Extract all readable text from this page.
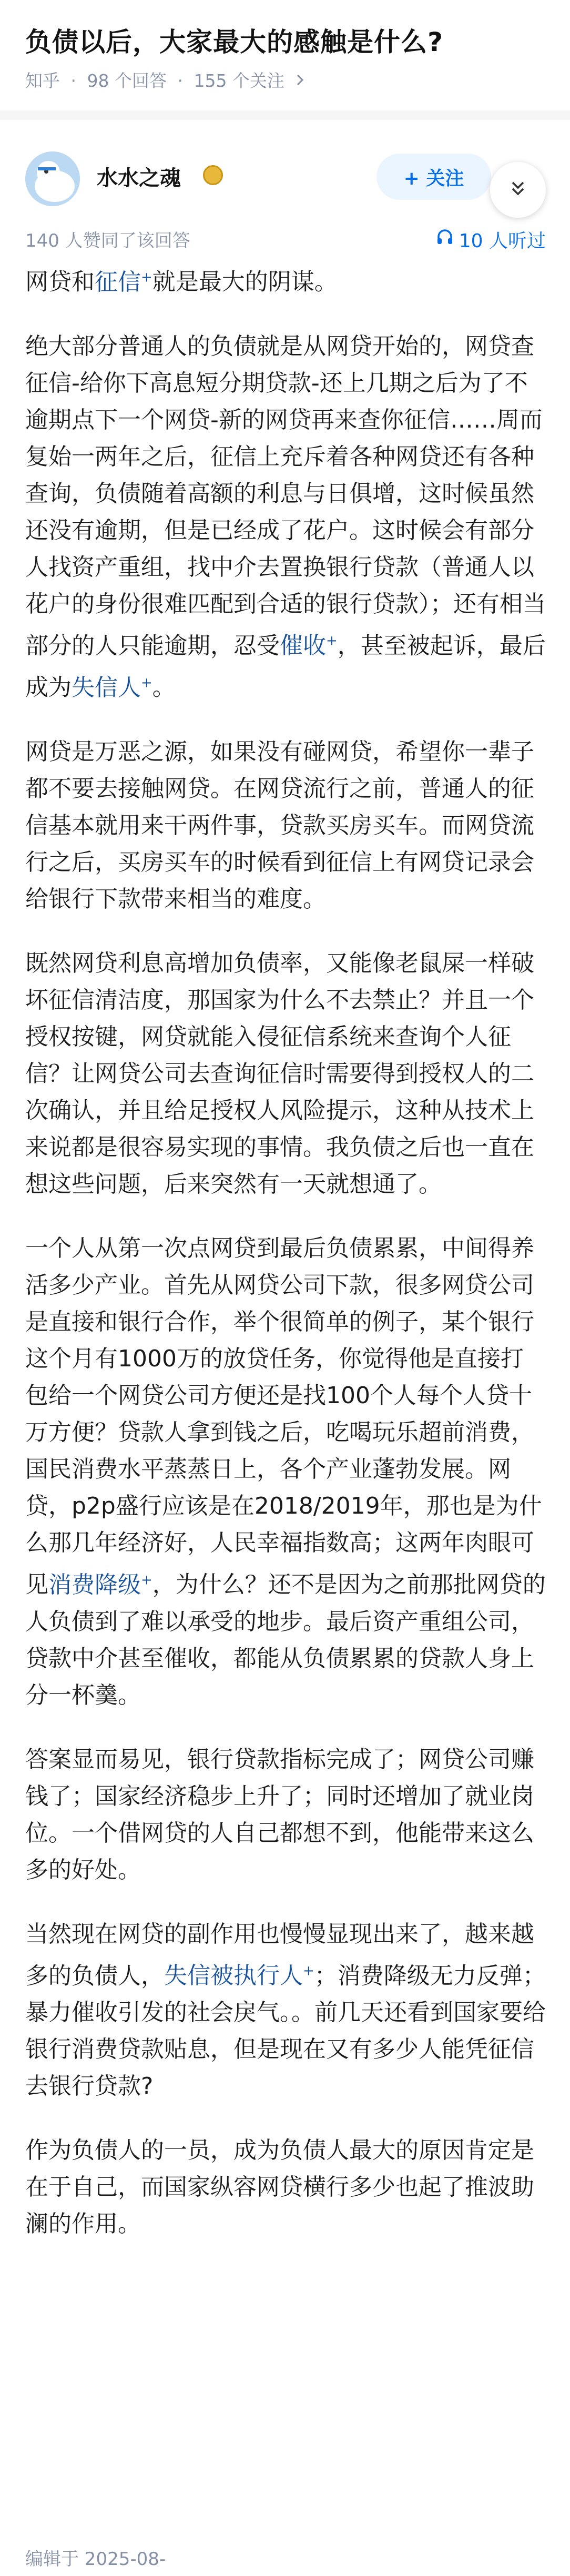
负债以后，大家最大的感触是什么?
知乎 · 98 个回答 · 155 个关注
水水之魂	+ 关注
140 人赞同了该回答	10 人听过

网贷和征信+就是最大的阴谋。

绝大部分普通人的负债就是从网贷开始的，网贷查征信-给你下高息短分期贷款-还上几期之后为了不逾期点下一个网贷-新的网贷再来查你征信……周而复始一两年之后，征信上充斥着各种网贷还有各种查询，负债随着高额的利息与日俱增，这时候虽然还没有逾期，但是已经成了花户。这时候会有部分人找资产重组，找中介去置换银行贷款（普通人以花户的身份很难匹配到合适的银行贷款）；还有相当部分的人只能逾期，忍受催收+，甚至被起诉，最后成为失信人+。

网贷是万恶之源，如果没有碰网贷，希望你一辈子都不要去接触网贷。在网贷流行之前，普通人的征信基本就用来干两件事，贷款买房买车。而网贷流行之后，买房买车的时候看到征信上有网贷记录会给银行下款带来相当的难度。

既然网贷利息高增加负债率，又能像老鼠屎一样破坏征信清洁度，那国家为什么不去禁止？并且一个授权按键，网贷就能入侵征信系统来查询个人征信？让网贷公司去查询征信时需要得到授权人的二次确认，并且给足授权人风险提示，这种从技术上来说都是很容易实现的事情。我负债之后也一直在想这些问题，后来突然有一天就想通了。

一个人从第一次点网贷到最后负债累累，中间得养活多少产业。首先从网贷公司下款，很多网贷公司是直接和银行合作，举个很简单的例子，某个银行这个月有1000万的放贷任务，你觉得他是直接打包给一个网贷公司方便还是找100个人每个人贷十万方便？贷款人拿到钱之后，吃喝玩乐超前消费，国民消费水平蒸蒸日上，各个产业蓬勃发展。网贷，p2p盛行应该是在2018/2019年，那也是为什么那几年经济好，人民幸福指数高；这两年肉眼可见消费降级+，为什么？还不是因为之前那批网贷的人负债到了难以承受的地步。最后资产重组公司，贷款中介甚至催收，都能从负债累累的贷款人身上分一杯羹。

答案显而易见，银行贷款指标完成了；网贷公司赚钱了；国家经济稳步上升了；同时还增加了就业岗位。一个借网贷的人自己都想不到，他能带来这么多的好处。

当然现在网贷的副作用也慢慢显现出来了，越来越多的负债人，失信被执行人+；消费降级无力反弹；暴力催收引发的社会戾气。。前几天还看到国家要给银行消费贷款贴息，但是现在又有多少人能凭征信去银行贷款?

作为负债人的一员，成为负债人最大的原因肯定是在于自己，而国家纵容网贷横行多少也起了推波助澜的作用。

编辑于 2025-08-
